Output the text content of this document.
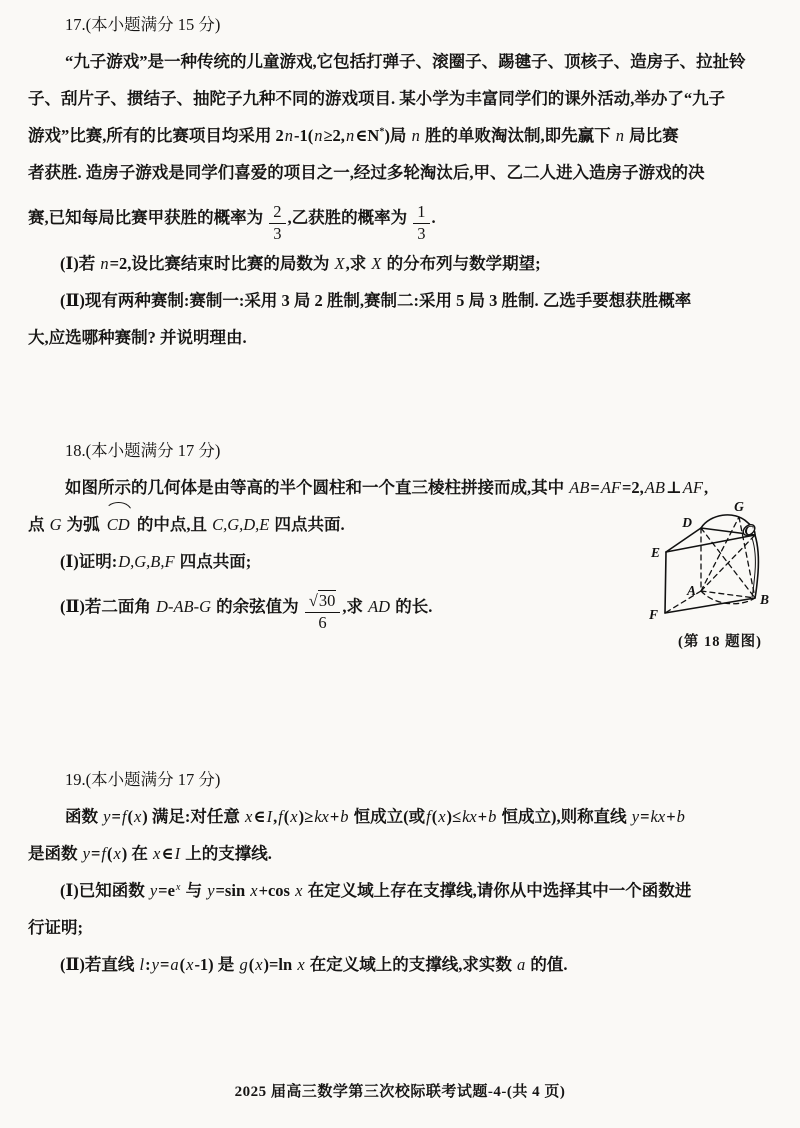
17.(本小题满分 15 分)
“九子游戏”是一种传统的儿童游戏,它包括打弹子、滚圈子、踢毽子、顶核子、造房子、拉扯铃
子、刮片子、掼结子、抽陀子九种不同的游戏项目. 某小学为丰富同学们的课外活动,举办了“九子
游戏”比赛,所有的比赛项目均采用 2n-1(n≥2,n∈N*)局 n 胜的单败淘汰制,即先赢下 n 局比赛
者获胜. 造房子游戏是同学们喜爱的项目之一,经过多轮淘汰后,甲、乙二人进入造房子游戏的决
赛,已知每局比赛甲获胜的概率为 $\frac{2}{3}$ ,乙获胜的概率为 $\frac{1}{3}$ .
(Ⅰ)若 n=2,设比赛结束时比赛的局数为 X,求 X 的分布列与数学期望;
(Ⅱ)现有两种赛制:赛制一:采用 3 局 2 胜制,赛制二:采用 5 局 3 胜制. 乙选手要想获胜概率
大,应选哪种赛制? 并说明理由.
18.(本小题满分 17 分)
如图所示的几何体是由等高的半个圆柱和一个直三棱柱拼接而成,其中 AB=AF=2,AB⊥AF,
点 G 为弧 CD 的中点,且 C,G,D,E 四点共面.
(Ⅰ)证明:D,G,B,F 四点共面;
(Ⅱ)若二面角 D-AB-G 的余弦值为 $\frac{√30}{6}$ ,求 AD 的长.
19.(本小题满分 17 分)
函数 y=f(x) 满足:对任意 x∈I,f(x)≥kx+b 恒成立(或f(x)≤kx+b 恒成立),则称直线 y=kx+b
是函数 y=f(x) 在 x∈I 上的支撑线.
(Ⅰ)已知函数 $y=e^x$ 与 y=sin x+cos x 在定义域上存在支撑线,请你从中选择其中一个函数进
行证明;
(Ⅱ)若直线 l:y=a(x-1) 是 g(x)=ln x 在定义域上的支撑线,求实数 a 的值.
D
G
C
E
A
B
F
(第 18 题图)
2025 届高三数学第三次校际联考试题-4-(共 4 页)
